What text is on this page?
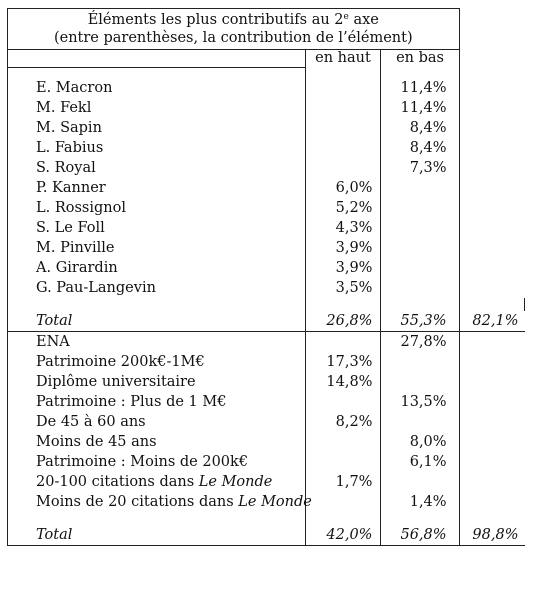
Éléments les plus contributifs au 2e axe
(entre parenthèses, la contribution de l’élément)			

	en haut	en bas	

E. Macron		11,4%	
M. Fekl		11,4%	
M. Sapin		8,4%	
L. Fabius		8,4%	
S. Royal		7,3%	
P. Kanner	6,0%		
L. Rossignol	5,2%		
S. Le Foll	4,3%		
M. Pinville	3,9%		
A. Girardin	3,9%		
G. Pau-Langevin	3,5%		

Total	26,8%	55,3%	82,1%
ENA		27,8%	
Patrimoine 200k€-1M€	17,3%		
Diplôme universitaire	14,8%		
Patrimoine : Plus de 1 M€		13,5%	
De 45 à 60 ans	8,2%		
Moins de 45 ans		8,0%	
Patrimoine : Moins de 200k€		6,1%	
20-100 citations dans Le Monde	1,7%		
Moins de 20 citations dans Le Monde		1,4%	

Total	42,0%	56,8%	98,8%
